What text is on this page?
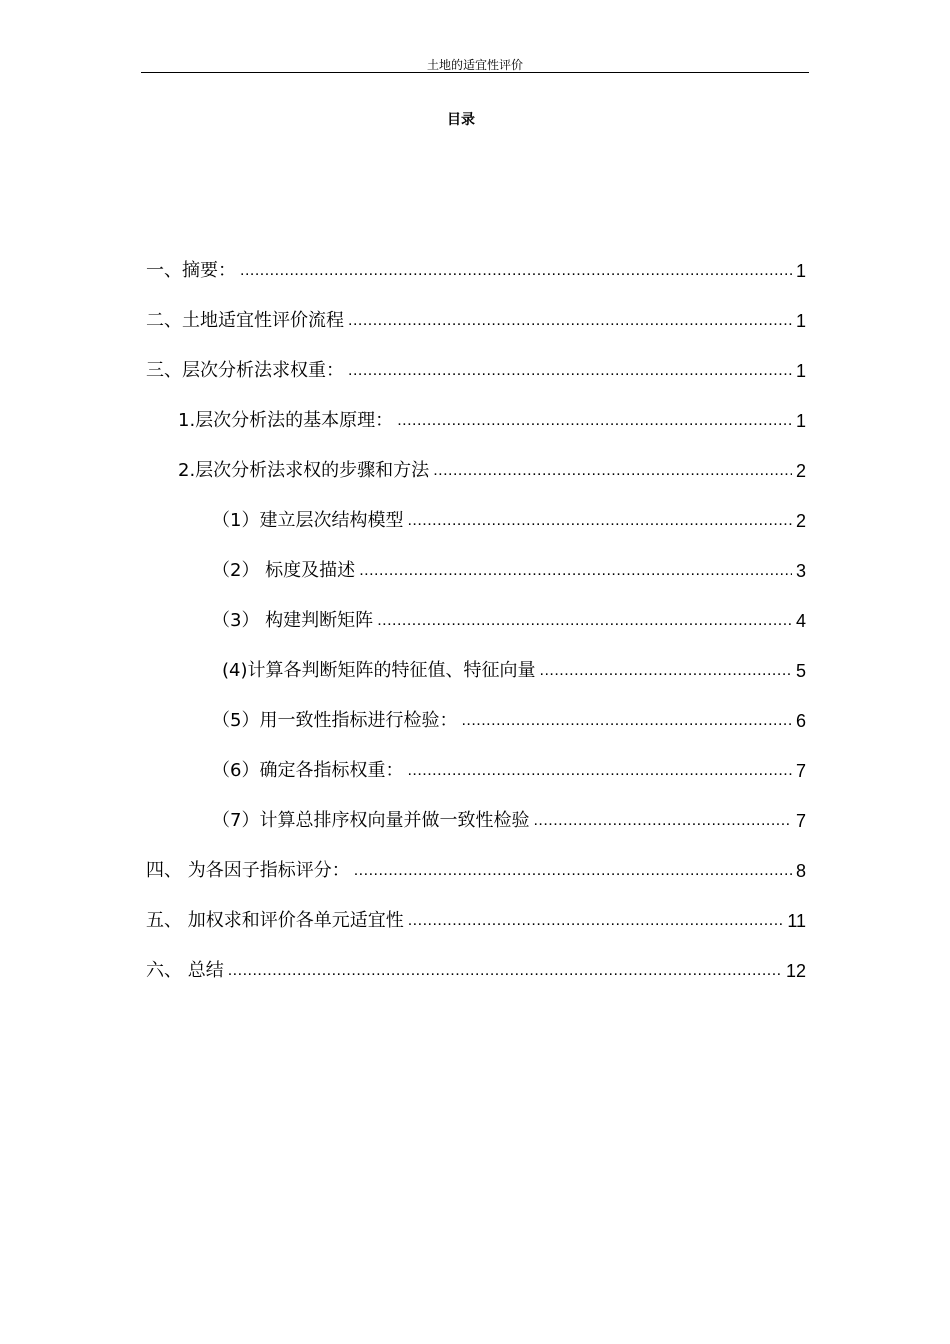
土地的适宜性评价
目录
一、摘要： .....	1
二、土地适宜性评价流程 .....	1
三、层次分析法求权重： .....	1
1.层次分析法的基本原理： .....	1
2.层次分析法求权的步骤和方法 .....	2
（1）建立层次结构模型 .....	2
（2） 标度及描述 .....	3
（3） 构建判断矩阵 .....	4
(4)计算各判断矩阵的特征值、特征向量 .....	5
（5）用一致性指标进行检验： .....	6
（6）确定各指标权重： .....	7
（7）计算总排序权向量并做一致性检验 .....	7
四、 为各因子指标评分： .....	8
五、 加权求和评价各单元适宜性 .....	11
六、 总结 .....	12
